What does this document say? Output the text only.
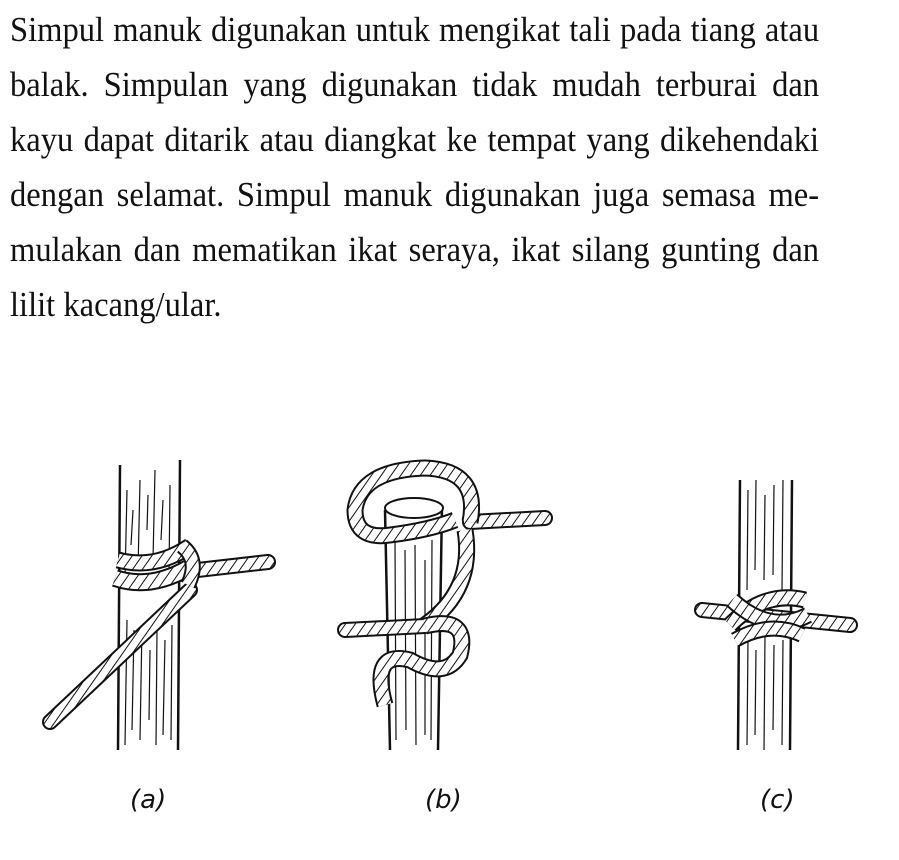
Simpul manuk digunakan untuk mengikat tali pada tiang atau
balak. Simpulan yang digunakan tidak mudah terburai dan
kayu dapat ditarik atau diangkat ke tempat yang dikehendaki
dengan selamat. Simpul manuk digunakan juga semasa me-
mulakan dan mematikan ikat seraya, ikat silang gunting dan
lilit kacang/ular.
(a)	(b)	(c)
